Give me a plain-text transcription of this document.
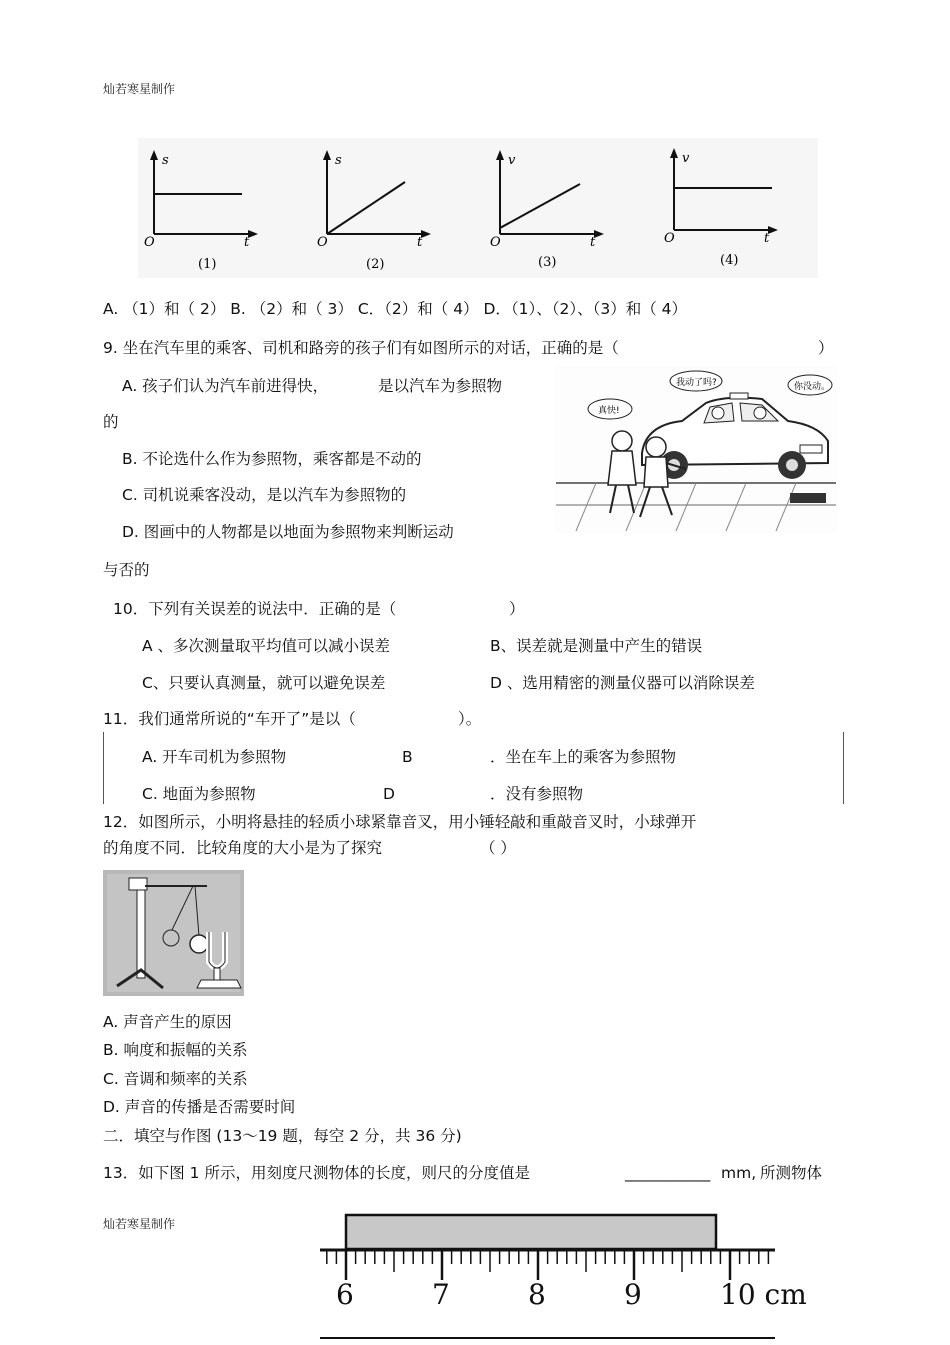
灿若寒星制作
s
t
O
(1)
s
t
O
(2)
v
t
O
(3)
v
t
O
(4)
A. （1）和（ 2） B. （2）和（ 3） C．（2）和（ 4） D．（1）、（2）、（3）和（ 4）
9. 坐在汽车里的乘客、司机和路旁的孩子们有如图所示的对话，正确的是（	）
A. 孩子们认为汽车前进得快，	是以汽车为参照物
的
B. 不论选什么作为参照物，乘客都是不动的
C. 司机说乘客没动，是以汽车为参照物的
D. 图画中的人物都是以地面为参照物来判断运动
与否的
真快!
我动了吗?	你没动。
10．下列有关误差的说法中．正确的是（	）
A 、多次测量取平均值可以减小误差	B、误差就是测量中产生的错误
C、只要认真测量，就可以避免误差	D 、选用精密的测量仪器可以消除误差
11．我们通常所说的“车开了”是以（	）。
A. 开车司机为参照物	B	．坐在车上的乘客为参照物
C. 地面为参照物	D	．没有参照物
12．如图所示，小明将悬挂的轻质小球紧靠音叉，用小锤轻敲和重敲音叉时，小球弹开
的角度不同．比较角度的大小是为了探究	（ ）
A. 声音产生的原因
B. 响度和振幅的关系
C. 音调和频率的关系
D. 声音的传播是否需要时间
二．填空与作图 (13～19 题，每空 2 分，共 36 分)
13．如下图 1 所示，用刻度尺测物体的长度，则尺的分度值是	___________ mm, 所测物体
灿若寒星制作
6	7	8	9	10 cm
